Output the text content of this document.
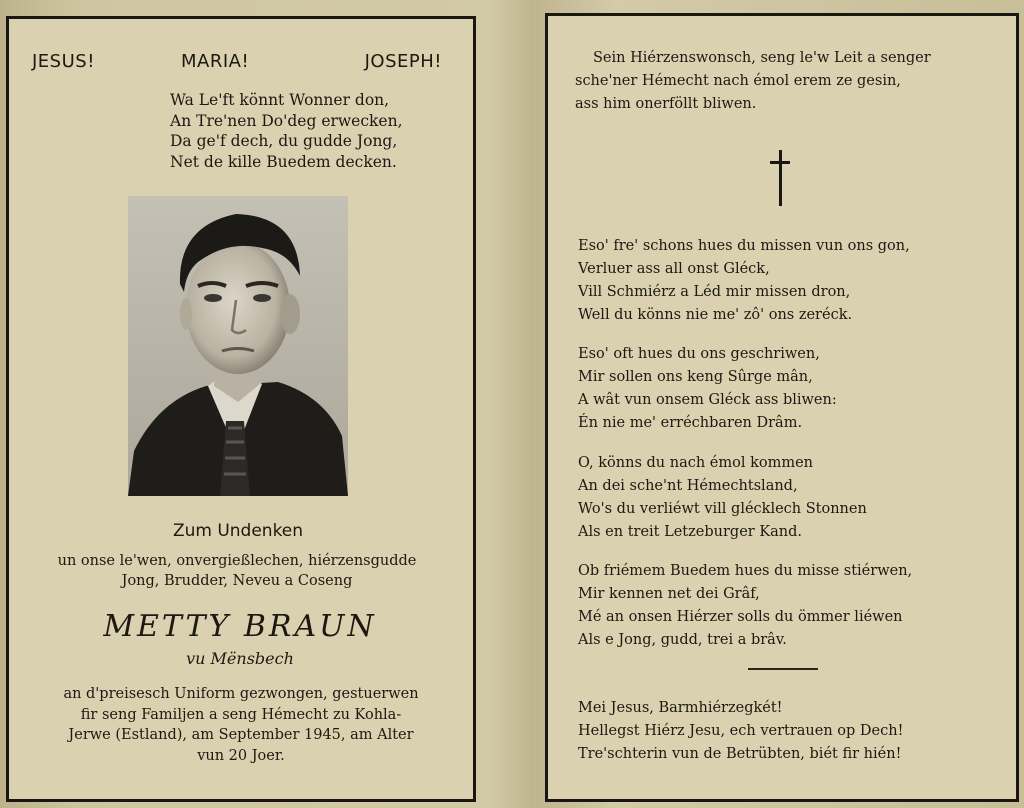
JESUS!	MARIA!	JOSEPH!
Wa Le'ft könnt Wonner don,
An Tre'nen Do'deg erwecken,
Da ge'f dech, du gudde Jong,
Net de kille Buedem decken.
Zum Undenken
un onse le'wen, onvergießlechen, hiérzensgudde
Jong, Brudder, Neveu a Coseng
METTY BRAUN
vu Mënsbech
an d'preisesch Uniform gezwongen, gestuerwen
fir seng Familjen a seng Hémecht zu Kohla-
Jerwe (Estland), am September 1945, am Alter
vun 20 Joer.
Sein Hiérzenswonsch, seng le'w Leit a senger
sche'ner Hémecht nach émol erem ze gesin,
ass him onerföllt bliwen.
Eso' fre' schons hues du missen vun ons gon,
Verluer ass all onst Gléck,
Vill Schmiérz a Léd mir missen dron,
Well du könns nie me' zô' ons zeréck.
Eso' oft hues du ons geschriwen,
Mir sollen ons keng Sûrge mân,
A wât vun onsem Gléck ass bliwen:
Én nie me' erréchbaren Drâm.
O, könns du nach émol kommen
An dei sche'nt Hémechtsland,
Wo's du verliéwt vill glécklech Stonnen
Als en treit Letzeburger Kand.
Ob friémem Buedem hues du misse stiérwen,
Mir kennen net dei Grâf,
Mé an onsen Hiérzer solls du ömmer liéwen
Als e Jong, gudd, trei a brâv.
Mei Jesus, Barmhiérzegkét!
Hellegst Hiérz Jesu, ech vertrauen op Dech!
Tre'schterin vun de Betrübten, biét fir hién!
